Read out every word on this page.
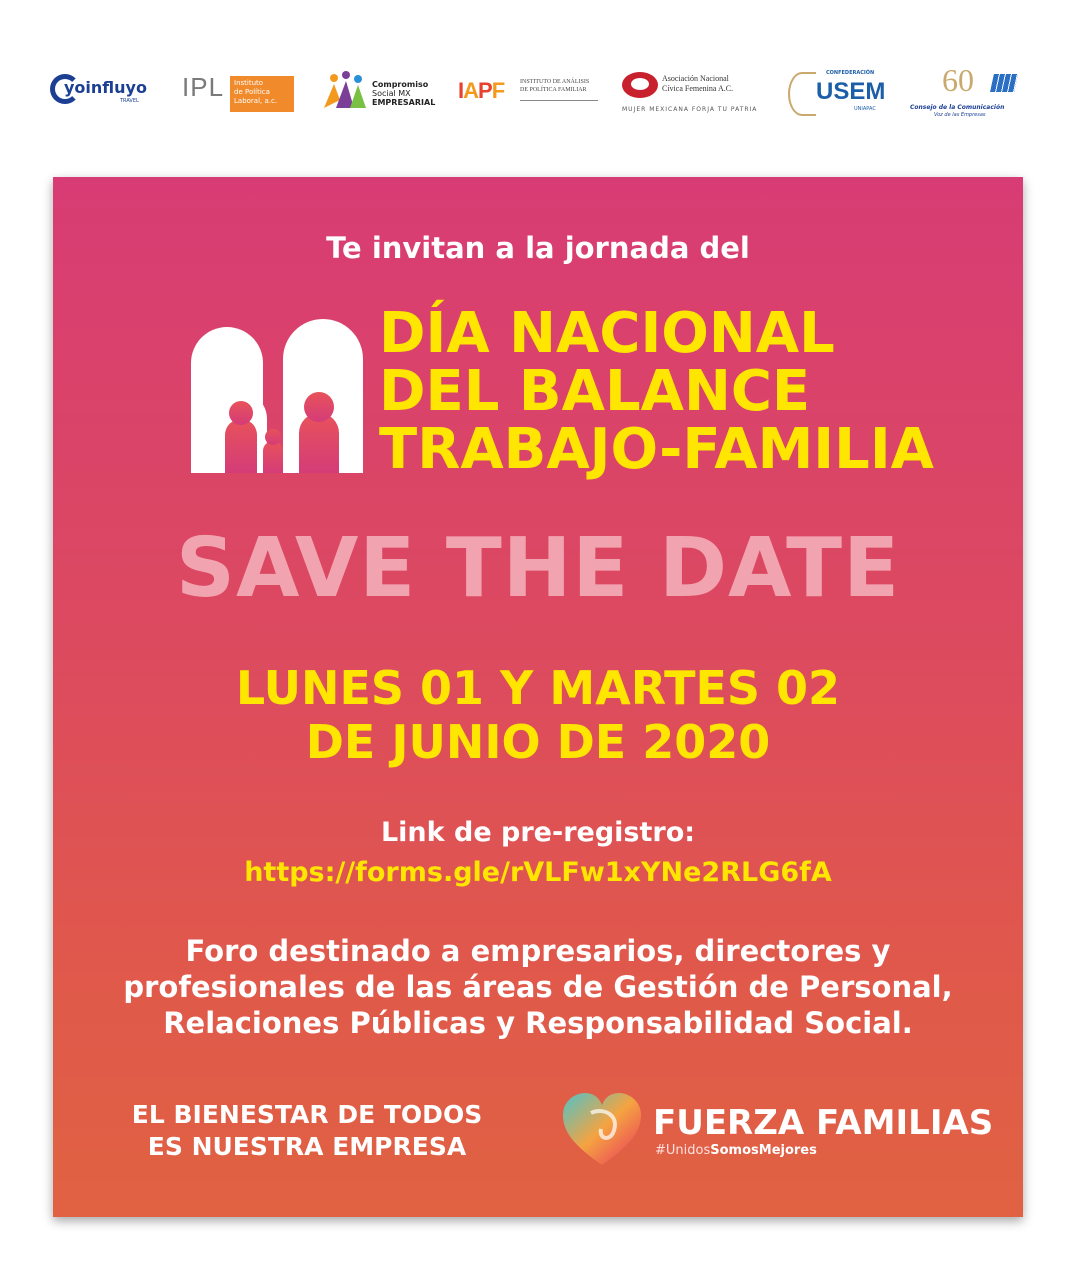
yoinfluyo
TRAVEL IPL Instituto
de Política
Laboral, a.c.
Compromiso
Social MX
EMPRESARIAL IAPF	INSTITUTO DE ANÁLISIS
DE POLÍTICA FAMILIAR
Asociación Nacional
Cívica Femenina A.C.
MUJER MEXICANA FORJA TU PATRIA
CONFEDERACIÓN
USEM
UNIAPAC
60
Consejo de la Comunicación
Voz de las Empresas
Te invitan a la jornada del
DÍA NACIONAL
DEL BALANCE
TRABAJO-FAMILIA
SAVE THE DATE
LUNES 01 Y MARTES 02
DE JUNIO DE 2020
Link de pre-registro:
https://forms.gle/rVLFw1xYNe2RLG6fA
Foro destinado a empresarios, directores y
profesionales de las áreas de Gestión de Personal,
Relaciones Públicas y Responsabilidad Social.
EL BIENESTAR DE TODOS
ES NUESTRA EMPRESA
FUERZA FAMILIAS
#UnidosSomosMejores
